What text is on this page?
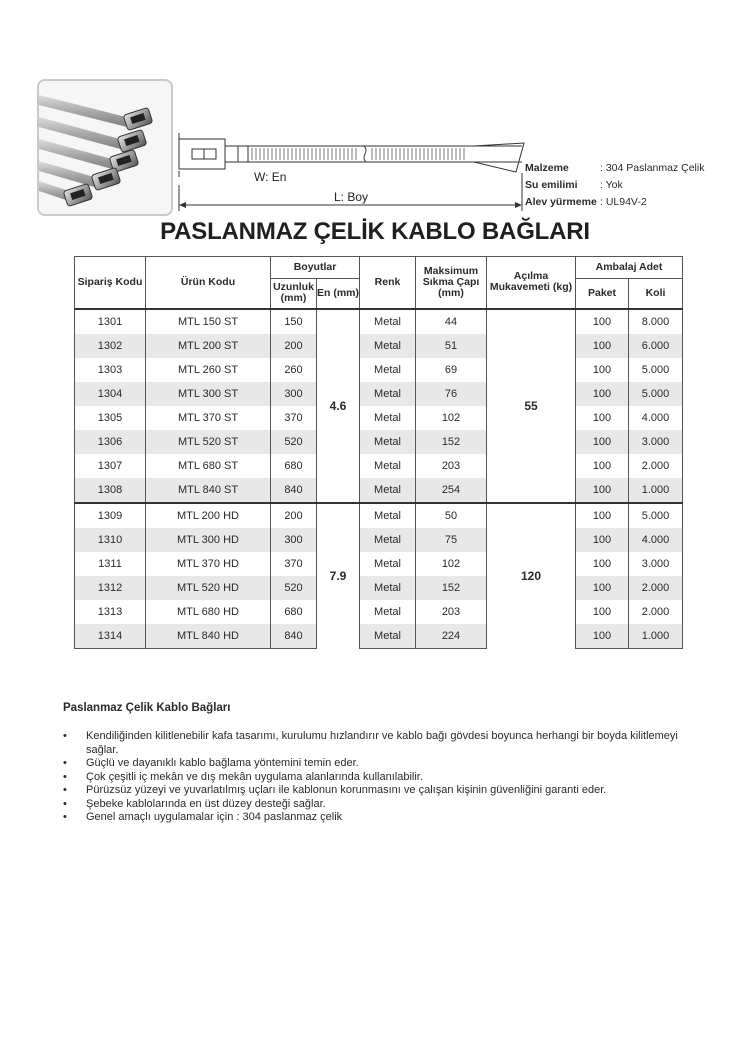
W: En
L: Boy
Malzeme	: 304 Paslanmaz Çelik
Su emilimi	: Yok
Alev yürmeme : UL94V-2
PASLANMAZ ÇELİK KABLO BAĞLARI
Sipariş Kodu	Ürün Kodu	Boyutlar		Renk	Maksimum Sıkma Çapı (mm)	Açılma Mukavemeti (kg)	Ambalaj Adet	
		Uzunluk (mm)	En (mm)				Paket	Koli
1301	MTL 150 ST	150	4.6	Metal	44	55	100	8.000
1302	MTL 200 ST	200		Metal	51		100	6.000
1303	MTL 260 ST	260		Metal	69		100	5.000
1304	MTL 300 ST	300		Metal	76		100	5.000
1305	MTL 370 ST	370		Metal	102		100	4.000
1306	MTL 520 ST	520		Metal	152		100	3.000
1307	MTL 680 ST	680		Metal	203		100	2.000
1308	MTL 840 ST	840		Metal	254		100	1.000
1309	MTL 200 HD	200	7.9	Metal	50	120	100	5.000
1310	MTL 300 HD	300		Metal	75		100	4.000
1311	MTL 370 HD	370		Metal	102		100	3.000
1312	MTL 520 HD	520		Metal	152		100	2.000
1313	MTL 680 HD	680		Metal	203		100	2.000
1314	MTL 840 HD	840		Metal	224		100	1.000
Paslanmaz Çelik Kablo Bağları
• Kendiliğinden kilitlenebilir kafa tasarımı, kurulumu hızlandırır ve kablo bağı gövdesi boyunca herhangi bir boyda kilitlemeyi sağlar.
• Güçlü ve dayanıklı kablo bağlama yöntemini temin eder.
• Çok çeşitli iç mekân ve dış mekân uygulama alanlarında kullanılabilir.
• Pürüzsüz yüzeyi ve yuvarlatılmış uçları ile kablonun korunmasını ve çalışan kişinin güvenliğini garanti eder.
• Şebeke kablolarında en üst düzey desteği sağlar.
• Genel amaçlı uygulamalar için : 304 paslanmaz çelik
